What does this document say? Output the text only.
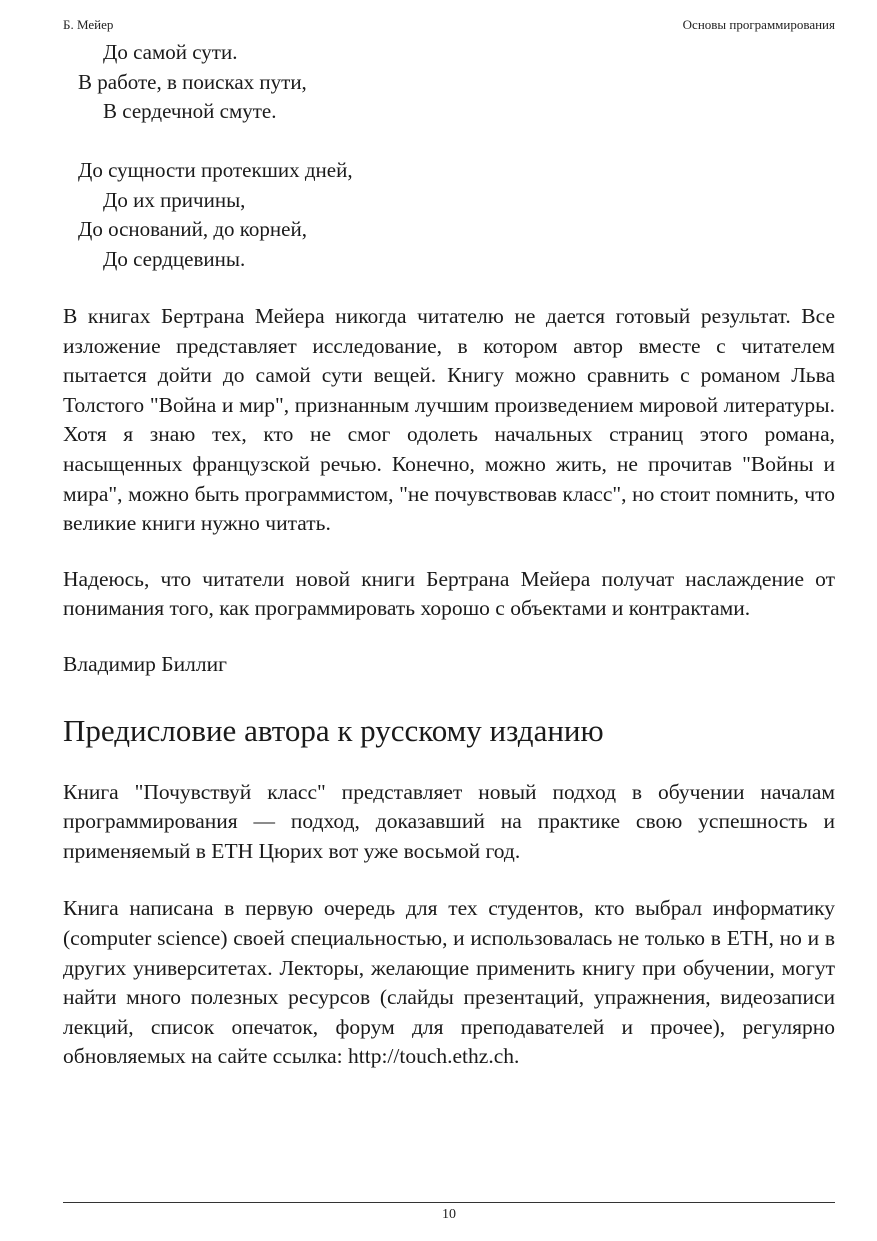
Б. Мейер	Основы программирования
До самой сути.
В работе, в поисках пути,
В сердечной смуте.
До сущности протекших дней,
До их причины,
До оснований, до корней,
До сердцевины.

В книгах Бертрана Мейера никогда читателю не дается готовый результат. Все изложение представляет исследование, в котором автор вместе с читателем пытается дойти до самой сути вещей. Книгу можно сравнить с романом Льва Толстого "Война и мир", признанным лучшим произведением мировой литературы. Хотя я знаю тех, кто не смог одолеть начальных страниц этого романа, насыщенных французской речью. Конечно, можно жить, не прочитав "Войны и мира", можно быть программистом, "не почувствовав класс", но стоит помнить, что великие книги нужно читать.

Надеюсь, что читатели новой книги Бертрана Мейера получат наслаждение от понимания того, как программировать хорошо с объектами и контрактами.

Владимир Биллиг
Предисловие автора к русскому изданию

Книга "Почувствуй класс" представляет новый подход в обучении началам программирования — подход, доказавший на практике свою успешность и применяемый в ETH Цюрих вот уже восьмой год.

Книга написана в первую очередь для тех студентов, кто выбрал информатику (computer science) своей специальностью, и использовалась не только в ETH, но и в других университетах. Лекторы, желающие применить книгу при обучении, могут найти много полезных ресурсов (слайды презентаций, упражнения, видеозаписи лекций, список опечаток, форум для преподавателей и прочее), регулярно обновляемых на сайте ссылка: http://touch.ethz.ch.

10
